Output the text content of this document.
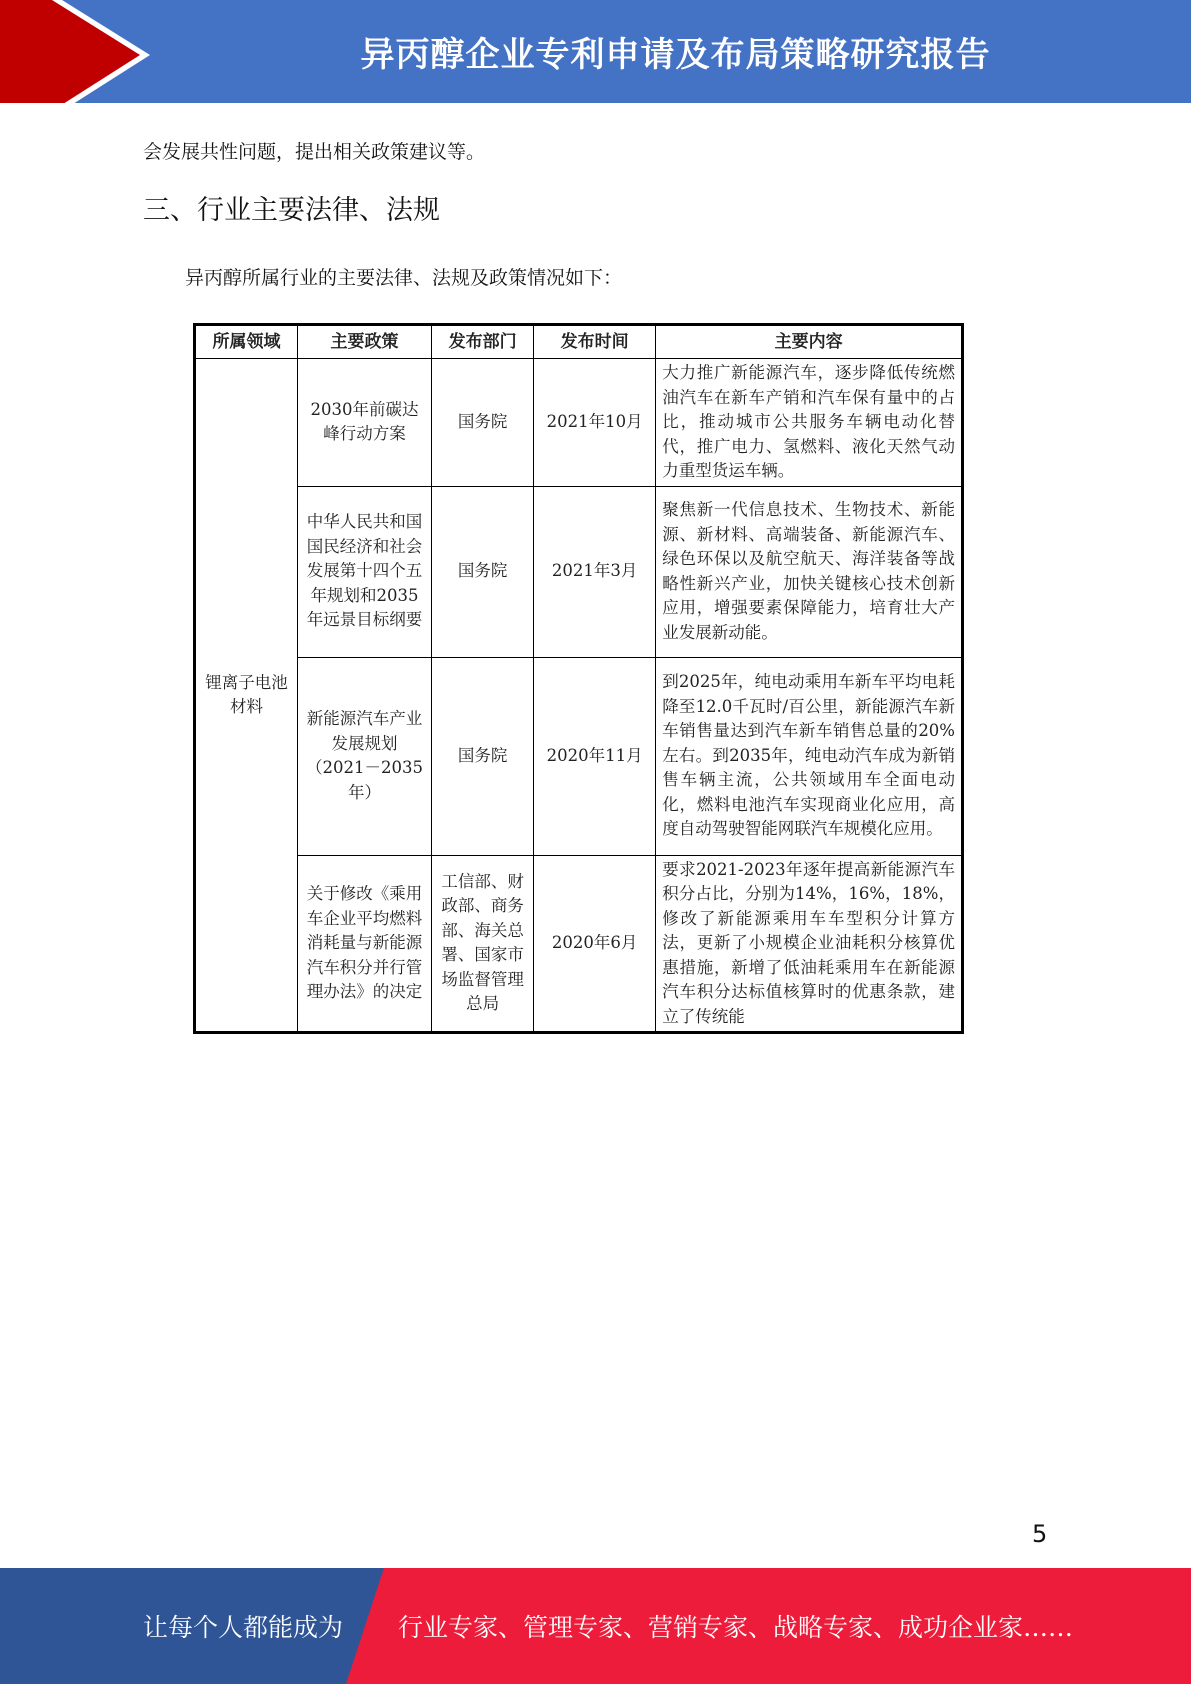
异丙醇企业专利申请及布局策略研究报告
会发展共性问题，提出相关政策建议等。
三、行业主要法律、法规
异丙醇所属行业的主要法律、法规及政策情况如下：
所属领域	主要政策	发布部门	发布时间	主要内容
锂离子电池材料	2030年前碳达峰行动方案	国务院	2021年10月	大力推广新能源汽车，逐步降低传统燃油汽车在新车产销和汽车保有量中的占比，推动城市公共服务车辆电动化替代，推广电力、氢燃料、液化天然气动力重型货运车辆。
	中华人民共和国国民经济和社会发展第十四个五年规划和2035年远景目标纲要	国务院	2021年3月	聚焦新一代信息技术、生物技术、新能源、新材料、高端装备、新能源汽车、绿色环保以及航空航天、海洋装备等战略性新兴产业，加快关键核心技术创新应用，增强要素保障能力，培育壮大产业发展新动能。
	新能源汽车产业发展规划（2021－2035年）	国务院	2020年11月	到2025年，纯电动乘用车新车平均电耗降至12.0千瓦时/百公里，新能源汽车新车销售量达到汽车新车销售总量的20%左右。到2035年，纯电动汽车成为新销售车辆主流，公共领域用车全面电动化，燃料电池汽车实现商业化应用，高度自动驾驶智能网联汽车规模化应用。
	关于修改《乘用车企业平均燃料消耗量与新能源汽车积分并行管理办法》的决定	工信部、财政部、商务部、海关总署、国家市场监督管理总局	2020年6月	要求2021-2023年逐年提高新能源汽车积分占比，分别为14%，16%，18%，修改了新能源乘用车车型积分计算方法，更新了小规模企业油耗积分核算优惠措施，新增了低油耗乘用车在新能源汽车积分达标值核算时的优惠条款，建立了传统能
5
让每个人都能成为 行业专家、管理专家、营销专家、战略专家、成功企业家……
